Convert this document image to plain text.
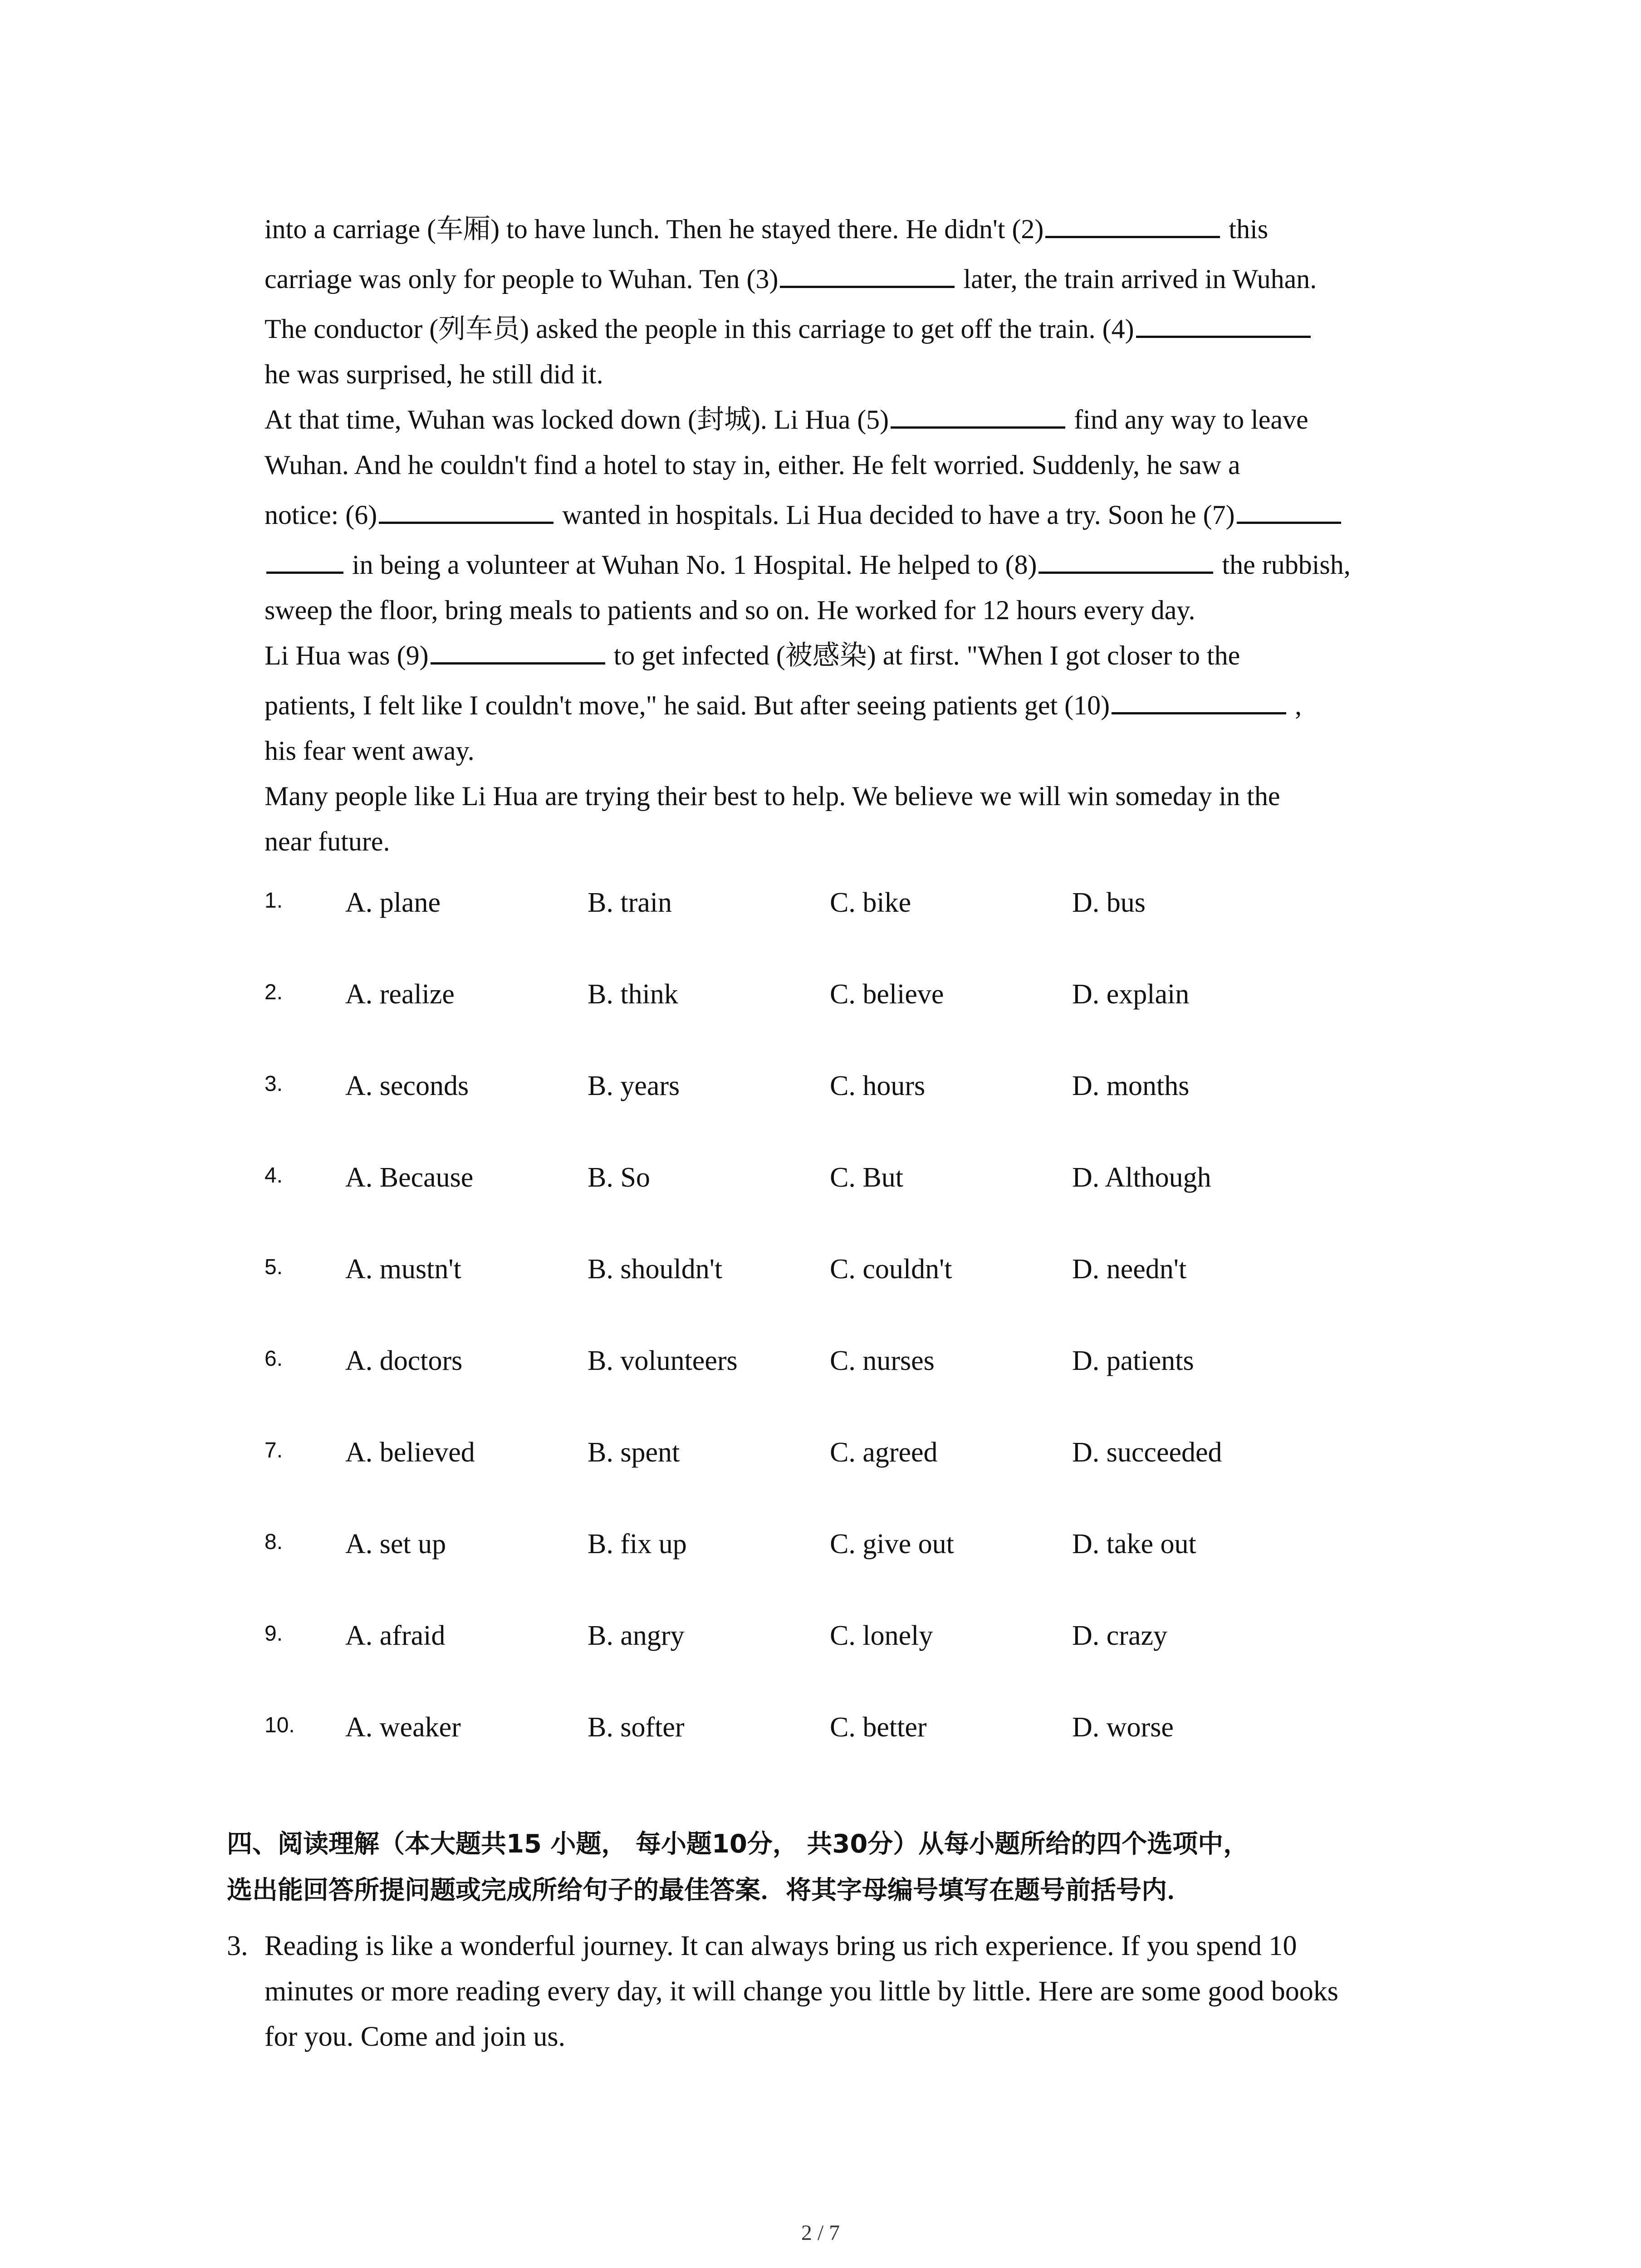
into a carriage (车厢) to have lunch. Then he stayed there. He didn't (2)	this
carriage was only for people to Wuhan. Ten (3)	later, the train arrived in Wuhan.
The conductor (列车员) asked the people in this carriage to get off the train. (4)
he was surprised, he still did it.
At that time, Wuhan was locked down (封城). Li Hua (5)	find any way to leave
Wuhan. And he couldn't find a hotel to stay in, either. He felt worried. Suddenly, he saw a
notice: (6)	wanted in hospitals. Li Hua decided to have a try. Soon he (7)
in being a volunteer at Wuhan No. 1 Hospital. He helped to (8)	the rubbish,
sweep the floor, bring meals to patients and so on. He worked for 12 hours every day.
Li Hua was (9)	to get infected (被感染) at first. "When I got closer to the
patients, I felt like I couldn't move," he said. But after seeing patients get (10)	,
his fear went away.
Many people like Li Hua are trying their best to help. We believe we will win someday in the
near future.
1. A. plane	B. train	C. bike	D. bus
2. A. realize	B. think	C. believe	D. explain
3. A. seconds	B. years	C. hours	D. months
4. A. Because	B. So	C. But	D. Although
5. A. mustn't	B. shouldn't	C. couldn't	D. needn't
6. A. doctors	B. volunteers	C. nurses	D. patients
7. A. believed	B. spent	C. agreed	D. succeeded
8. A. set up	B. fix up	C. give out	D. take out
9. A. afraid	B. angry	C. lonely	D. crazy
10. A. weaker	B. softer	C. better	D. worse
四、阅读理解（本大题共15 小题， 每小题10分， 共30分）从每小题所给的四个选项中，
选出能回答所提问题或完成所给句子的最佳答案．将其字母编号填写在题号前括号内．
3. Reading is like a wonderful journey. It can always bring us rich experience. If you spend 10
minutes or more reading every day, it will change you little by little. Here are some good books
for you. Come and join us.
2 / 7
